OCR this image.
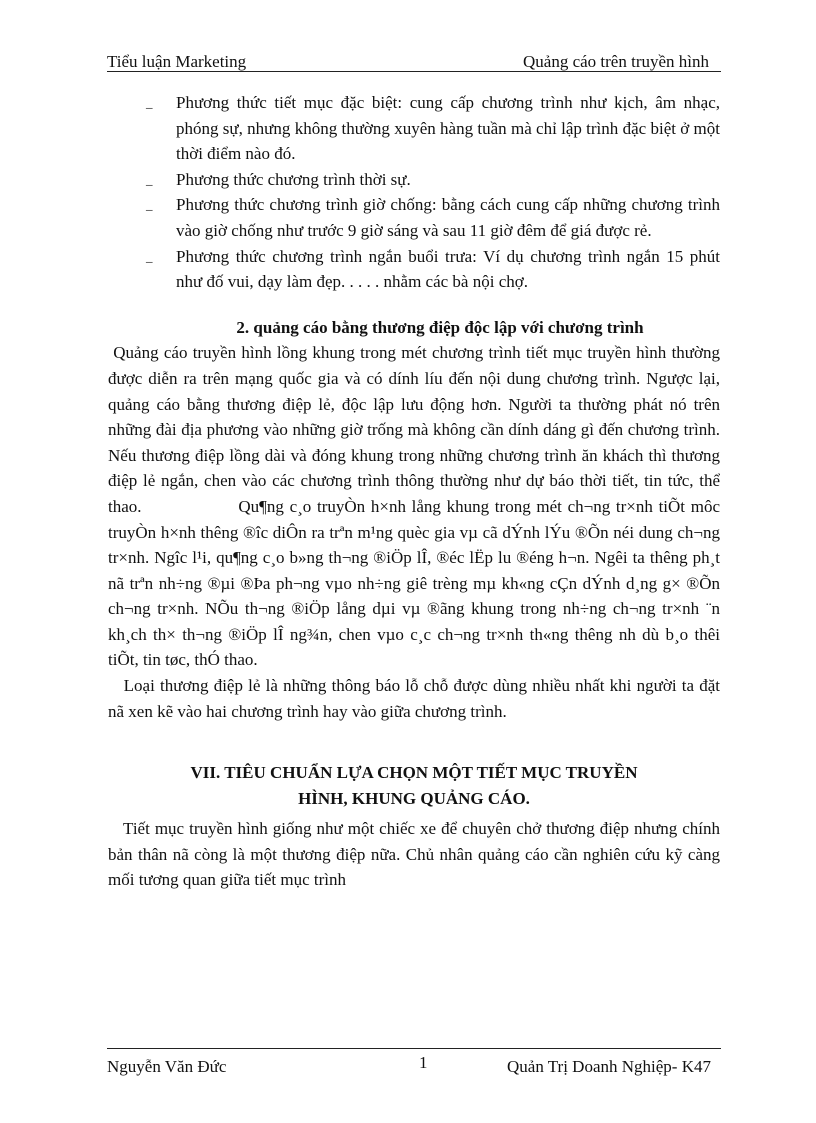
Tiểu luận Marketing	Quảng cáo trên truyền hình
_ Phương thức tiết mục đặc biệt: cung cấp chương trình như kịch, âm nhạc, phóng sự, nhưng không thường xuyên hàng tuần mà chỉ lập trình đặc biệt ở một thời điểm nào đó.
_ Phương thức chương trình thời sự.
_ Phương thức chương trình giờ chống: bằng cách cung cấp những chương trình vào giờ chống như trước 9 giờ sáng và sau 11 giờ đêm để giá được rẻ.
_ Phương thức chương trình ngắn buổi trưa: Ví dụ chương trình ngắn 15 phút như đố vui, dạy làm đẹp. . . . . nhằm các bà nội chợ.
2. quảng cáo bằng thương điệp độc lập với chương trình

Quảng cáo truyền hình lồng khung trong mét chương trình tiết mục truyền hình thường được diễn ra trên mạng quốc gia và có dính líu đến nội dung chương trình. Ngược lại, quảng cáo bằng thương điệp lẻ, độc lập lưu động hơn. Người ta thường phát nó trên những đài địa phương vào những giờ trống mà không cần dính dáng gì đến chương trình. Nếu thương điệp lồng dài và đóng khung trong những chương trình ăn khách thì thương điệp lẻ ngắn, chen vào các chương trình thông thường như dự báo thời tiết, tin tức, thể thao.                 Qu¶ng c¸o truyÒn h×nh lång khung trong mét ch¬ng tr×nh tiÕt môc truyÒn h×nh thêng ®îc diÔn ra trªn m¹ng quèc gia vµ cã dÝnh lÝu ®Õn néi dung ch¬ng tr×nh. Ngîc l¹i, qu¶ng c¸o b»ng th¬ng ®iÖp lÎ, ®éc lËp lu ®éng h¬n. Ngêi ta thêng ph¸t nã trªn nh÷ng ®µi ®Þa ph¬ng vµo nh÷ng giê trèng mµ kh«ng cÇn dÝnh d¸ng g× ®Õn ch¬ng tr×nh. NÕu th¬ng ®iÖp lång dµi vµ ®ãng khung trong nh÷ng ch¬ng tr×nh ¨n kh¸ch th× th¬ng ®iÖp lÎ ng¾n, chen vµo c¸c ch¬ng tr×nh th«ng thêng nh dù b¸o thêi tiÕt, tin tøc, thÓ thao.

Loại thương điệp lẻ là những thông báo lỗ chỗ được dùng nhiều nhất khi người ta đặt nã xen kẽ vào hai chương trình hay vào giữa chương trình.

VII. TIÊU CHUẨN LỰA CHỌN MỘT TIẾT MỤC TRUYỀN
HÌNH, KHUNG QUẢNG CÁO.

Tiết mục truyền hình giống như một chiếc xe để chuyên chở thương điệp nhưng chính bản thân nã còng là một thương điệp nữa. Chủ nhân quảng cáo cần nghiên cứu kỹ càng mối tương quan giữa tiết mục trình

Nguyễn Văn Đức	1	Quản Trị Doanh Nghiệp- K47
